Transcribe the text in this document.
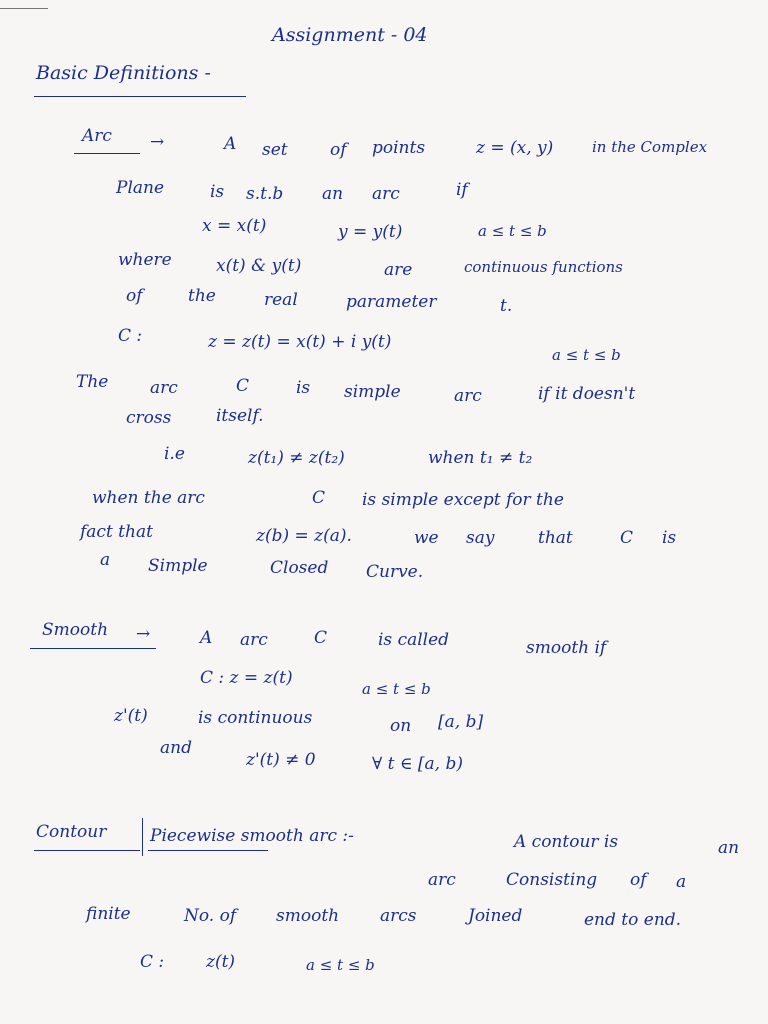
Assignment - 04
Basic Definitions -
Arc →	A set of points	z = (x, y)	in the Complex
Plane	is s.t.b an arc	if
x = x(t)	y = y(t)	a ≤ t ≤ b
where	x(t) & y(t)	are	continuous functions
of	the	real	parameter	t.
C :	z = z(t) = x(t) + i y(t)
a ≤ t ≤ b
The arc	C	is simple	arc	if it doesn't
cross	itself.
i.e	z(t₁) ≠ z(t₂)	when t₁ ≠ t₂
when the arc	C is simple except for the
fact that	z(b) = z(a).	we say	that	C is
a Simple	Closed Curve.
Smooth →	A arc	C	is called	smooth if
C : z = z(t)
a ≤ t ≤ b
z'(t)	is continuous	on [a, b]
and
z'(t) ≠ 0	∀ t ∈ [a, b)
Contour	Piecewise smooth arc :-	A contour is	an
arc	Consisting of a
finite	No. of smooth arcs	Joined	end to end.
C : z(t)	a ≤ t ≤ b
